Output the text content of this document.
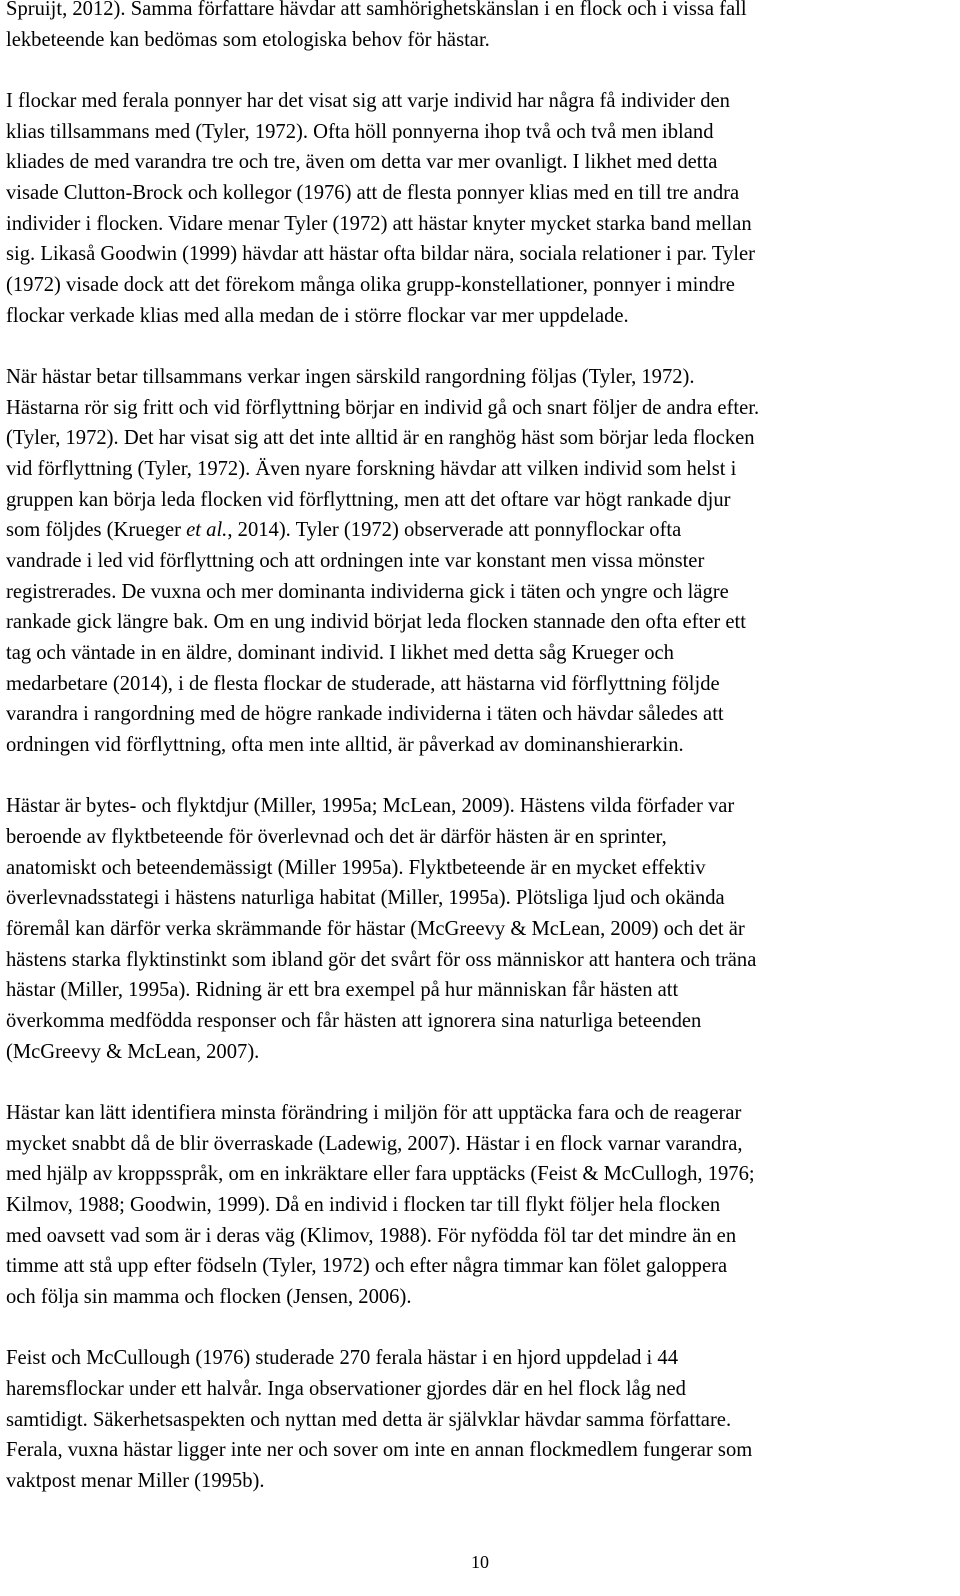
Spruijt, 2012). Samma författare hävdar att samhörighetskänslan i en flock och i vissa fall
lekbeteende kan bedömas som etologiska behov för hästar.

I flockar med ferala ponnyer har det visat sig att varje individ har några få individer den
klias tillsammans med (Tyler, 1972). Ofta höll ponnyerna ihop två och två men ibland
kliades de med varandra tre och tre, även om detta var mer ovanligt. I likhet med detta
visade Clutton-Brock och kollegor (1976) att de flesta ponnyer klias med en till tre andra
individer i flocken. Vidare menar Tyler (1972) att hästar knyter mycket starka band mellan
sig. Likaså Goodwin (1999) hävdar att hästar ofta bildar nära, sociala relationer i par. Tyler
(1972) visade dock att det förekom många olika grupp-konstellationer, ponnyer i mindre
flockar verkade klias med alla medan de i större flockar var mer uppdelade.

När hästar betar tillsammans verkar ingen särskild rangordning följas (Tyler, 1972).
Hästarna rör sig fritt och vid förflyttning börjar en individ gå och snart följer de andra efter.
(Tyler, 1972). Det har visat sig att det inte alltid är en ranghög häst som börjar leda flocken
vid förflyttning (Tyler, 1972). Även nyare forskning hävdar att vilken individ som helst i
gruppen kan börja leda flocken vid förflyttning, men att det oftare var högt rankade djur
som följdes (Krueger et al., 2014). Tyler (1972) observerade att ponnyflockar ofta
vandrade i led vid förflyttning och att ordningen inte var konstant men vissa mönster
registrerades. De vuxna och mer dominanta individerna gick i täten och yngre och lägre
rankade gick längre bak. Om en ung individ börjat leda flocken stannade den ofta efter ett
tag och väntade in en äldre, dominant individ. I likhet med detta såg Krueger och
medarbetare (2014), i de flesta flockar de studerade, att hästarna vid förflyttning följde
varandra i rangordning med de högre rankade individerna i täten och hävdar således att
ordningen vid förflyttning, ofta men inte alltid, är påverkad av dominanshierarkin.

Hästar är bytes- och flyktdjur (Miller, 1995a; McLean, 2009). Hästens vilda förfader var
beroende av flyktbeteende för överlevnad och det är därför hästen är en sprinter,
anatomiskt och beteendemässigt (Miller 1995a). Flyktbeteende är en mycket effektiv
överlevnadsstategi i hästens naturliga habitat (Miller, 1995a). Plötsliga ljud och okända
föremål kan därför verka skrämmande för hästar (McGreevy & McLean, 2009) och det är
hästens starka flyktinstinkt som ibland gör det svårt för oss människor att hantera och träna
hästar (Miller, 1995a). Ridning är ett bra exempel på hur människan får hästen att
överkomma medfödda responser och får hästen att ignorera sina naturliga beteenden
(McGreevy & McLean, 2007).

Hästar kan lätt identifiera minsta förändring i miljön för att upptäcka fara och de reagerar
mycket snabbt då de blir överraskade (Ladewig, 2007). Hästar i en flock varnar varandra,
med hjälp av kroppsspråk, om en inkräktare eller fara upptäcks (Feist & McCullogh, 1976;
Kilmov, 1988; Goodwin, 1999). Då en individ i flocken tar till flykt följer hela flocken
med oavsett vad som är i deras väg (Klimov, 1988). För nyfödda föl tar det mindre än en
timme att stå upp efter födseln (Tyler, 1972) och efter några timmar kan fölet galoppera
och följa sin mamma och flocken (Jensen, 2006).

Feist och McCullough (1976) studerade 270 ferala hästar i en hjord uppdelad i 44
haremsflockar under ett halvår. Inga observationer gjordes där en hel flock låg ned
samtidigt. Säkerhetsaspekten och nyttan med detta är självklar hävdar samma författare.
Ferala, vuxna hästar ligger inte ner och sover om inte en annan flockmedlem fungerar som
vaktpost menar Miller (1995b).

10
